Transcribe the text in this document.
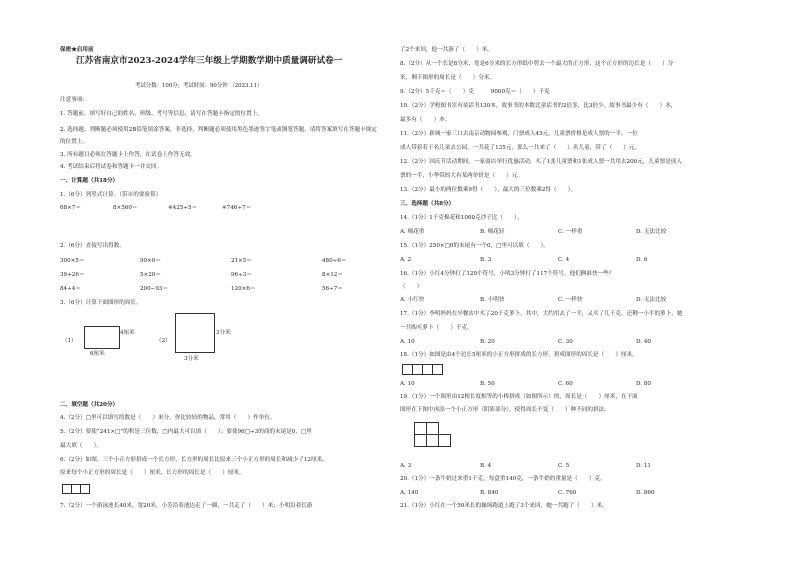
保密★启用前
江苏省南京市2023-2024学年三年级上学期数学期中质量调研试卷一
考试分数：100分；考试时间：90分钟 （2023.11）
注意事项：
1. 答题前，填写好自己的姓名、班级、考号等信息，请写在答题卡指定的位置上。
2. 选择题、判断题必须使用2B铅笔填涂答案，非选择、判断题必须使用黑色墨迹签字笔或钢笔答题，请将答案填写在答题卡规定的位置上。
3. 所有题目必须在答题卡上作答，在试卷上作答无效。
4. 考试结束后将试卷和答题卡一并交回。
一、计算题（共18分）
1.（6分）列竖式计算。（带※的要验算）
68×7＝	8×560＝	※425÷5＝	※746÷7＝
2.（6分）直接写出得数。
300×5＝	99×0＝	21×5＝	480÷6＝
39+26＝	5×20＝	96÷3＝	8×12＝
84÷4＝	200−93＝	120×6＝	56÷7＝
3.（6分）计算下面图形的周长。
（1）
4厘米
6厘米
（2）
3分米
3分米
二、填空题（共20分）
4.（2分）□里可以填写的数是（　　）来分，你比较轻的物品，常用（　　）作单位。
5.（2分）要使“241×□”的积是三位数，□内最大可以填（　　）；要使96□÷3的商的末尾是0，□里
最大填（　　）。
6.（2分）如图，三个小正方形拼成一个长方形，长方形的周长比原来三个小正方形的周长和减少了12厘米，
原来每个小正方形的周长是（　　）厘米，长方形的周长是（　　）厘米。
7.（2分）一个游泳池长40米，宽20米，小芳沿着池边走了一圈，一共走了（　　）米；小明沿着长游
了2个来回，他一共游了（　　）米。
8.（2分）从一个长是8分米，宽是6分米的长方形纸中剪去一个最大的正方形，这个正方形的边长是（　　）分
米，剩下图形的周长是（　　）分米。
9.（2分）5千克＝（　　）克　　　9000克＝（　　）千克
10.（2分）学校图书室有童话书130本，故事书的本数比童话书的2倍多，比3倍少，故事书最少有（　　）本，
最多有（　　）本。
11.（2分）新城一家三口去南京动物园参观，门票成人45元，儿童票价格是成人票的一半。一位
成人带着若干名儿童去公园，一共花了135元，那么一共来了（　　）名儿童，带了（　　）元。
12.（2分）国庆节活动期间，一家商店举行优惠活动，买了1张儿童票和1张成人票一共用去200元，儿童票是成人
票的一半，小华带的大有某两单价是（　　）元。
13.（2分）最小的两位数乘9得（　　），最大的三位数乘2得（　　）。
三、选择题（共8分）
14.（1分）1千克棉花和1000克沙子比（　　）。
A. 棉花重	B. 棉花轻	C. 一样重	D. 无法比较
15.（1分）250×□0的末尾有一个0，□里可以填（　　）。
A. 2	B. 3	C. 4	D. 6
16.（1分）小红4分钟打了120个符号，小明3分钟打了117个符号。他们俩谁快一些？
（　　）
A. 小红快	B. 小明快	C. 一样快	D. 无法比较
17.（1分）李明妈妈在早餐店中买了20千克萝卜，其中，大约用去了一半，又买了几千克，还剩一小半的萝卜，她
一共购买萝卜（　　）千克。
A. 10	B. 20	C. 30	D. 40
18.（1分）如图是由4个边长5厘米的小正方形拼成的长方形，拼成图形的周长是（　　）厘米。
A. 10	B. 50	C. 60	D. 80
19.（1分）一个图形由12根长度相等的小棒拼成（如图所示）的，周长是（　　）厘米，在下面
图形在下图中再添一个小正方形（阴影部分），使得周长不变（　　）种不同的拼法。
A. 3	B. 4	C. 5	D. 11
20.（1分）一条牛奶过来重1千克，每盒重140克，一条牛奶的重量是（　　）克。
A. 140	B. 840	C. 760	D. 860
21.（1分）小红在一个50米长的操场跑道上跑了3个来回，她一共跑了（　　）米。
